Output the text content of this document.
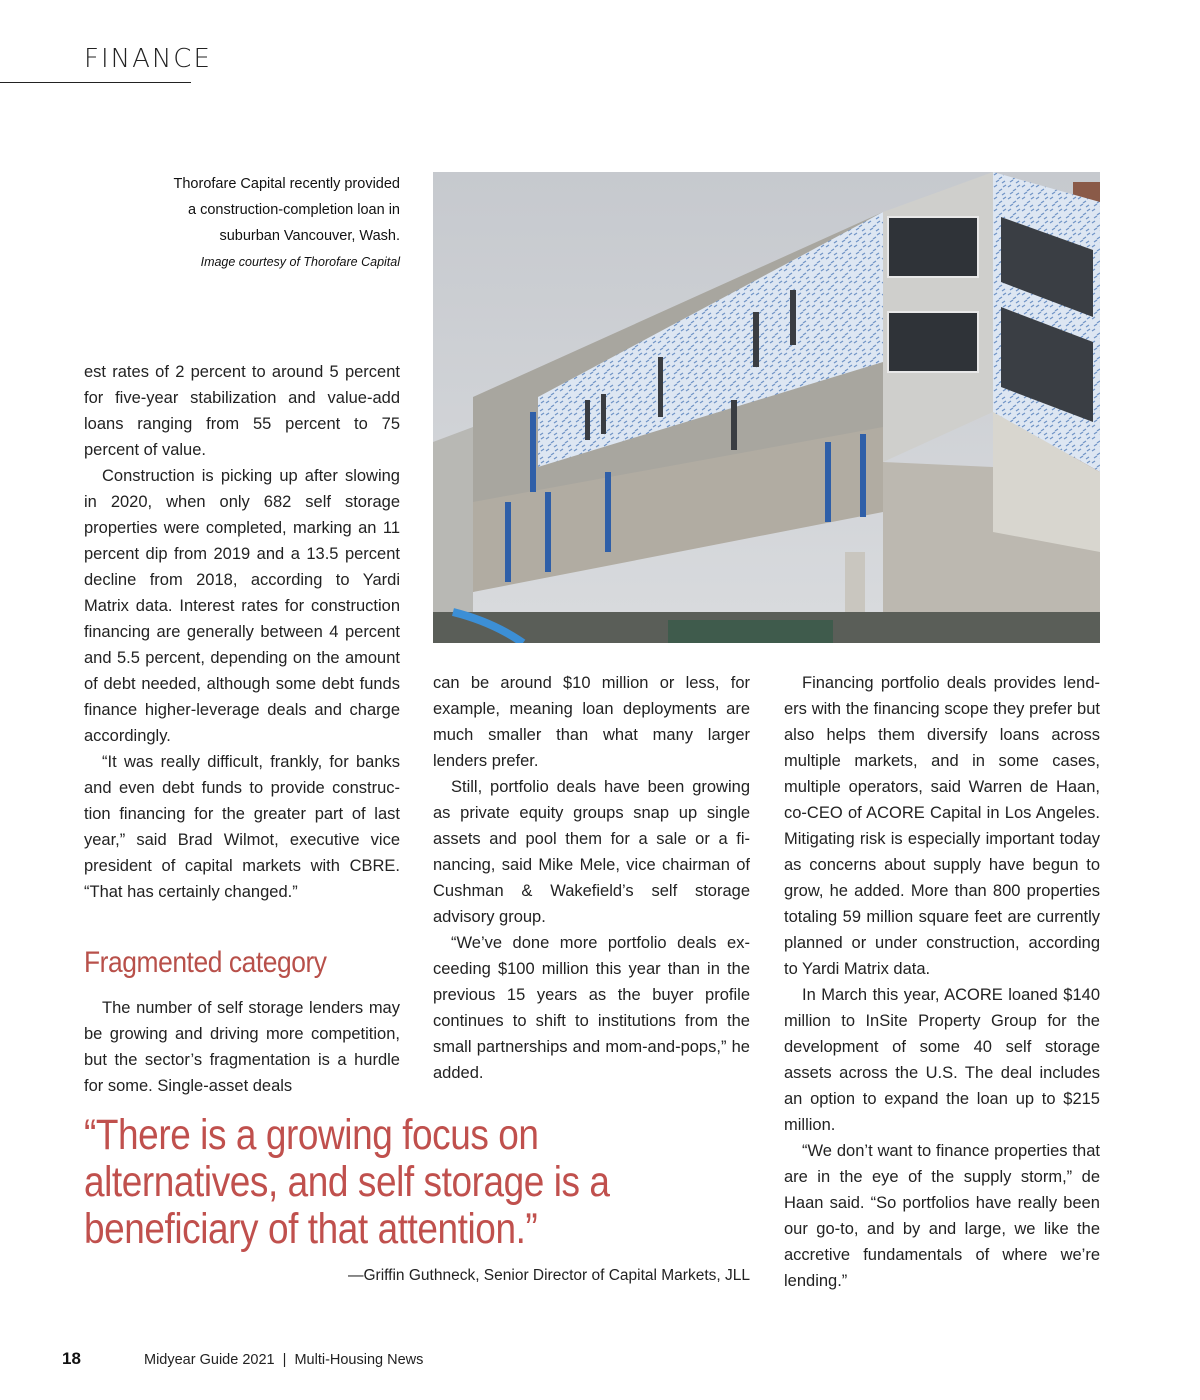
FINANCE
Thorofare Capital recently provided
a construction-completion loan in
suburban Vancouver, Wash.
Image courtesy of Thorofare Capital

est rates of 2 percent to around 5 percent for five-year stabilization and value-add loans ranging from 55 percent to 75 percent of value.

Construction is picking up after slowing in 2020, when only 682 self storage properties were completed, marking an 11 percent dip from 2019 and a 13.5 percent decline from 2018, according to Yardi Matrix data. Interest rates for construction financing are generally between 4 percent and 5.5 percent, depending on the amount of debt needed, although some debt funds finance higher-leverage deals and charge accordingly.

“It was really difficult, frankly, for banks and even debt funds to provide construction financing for the greater part of last year,” said Brad Wilmot, executive vice president of capital markets with CBRE. “That has certainly changed.”

Fragmented category

The number of self storage lenders may be growing and driving more competition, but the sector’s fragmentation is a hurdle for some. Single-asset deals

can be around $10 million or less, for example, meaning loan deployments are much smaller than what many larger lenders prefer.

Still, portfolio deals have been growing as private equity groups snap up single assets and pool them for a sale or a financing, said Mike Mele, vice chairman of Cushman & Wakefield’s self storage advisory group.

“We’ve done more portfolio deals exceeding $100 million this year than in the previous 15 years as the buyer profile continues to shift to institutions from the small partnerships and mom-and-pops,” he added.

Financing portfolio deals provides lenders with the financing scope they prefer but also helps them diversify loans across multiple markets, and in some cases, multiple operators, said Warren de Haan, co-CEO of ACORE Capital in Los Angeles. Mitigating risk is especially important today as concerns about supply have begun to grow, he added. More than 800 properties totaling 59 million square feet are currently planned or under construction, according to Yardi Matrix data.

In March this year, ACORE loaned $140 million to InSite Property Group for the development of some 40 self storage assets across the U.S. The deal includes an option to expand the loan up to $215 million.

“We don’t want to finance properties that are in the eye of the supply storm,” de Haan said. “So portfolios have really been our go-to, and by and large, we like the accretive fundamentals of where we’re lending.”

“There is a growing focus on
alternatives, and self storage is a
beneficiary of that attention.”
—Griffin Guthneck, Senior Director of Capital Markets, JLL
18	Midyear Guide 2021  |  Multi-Housing News
